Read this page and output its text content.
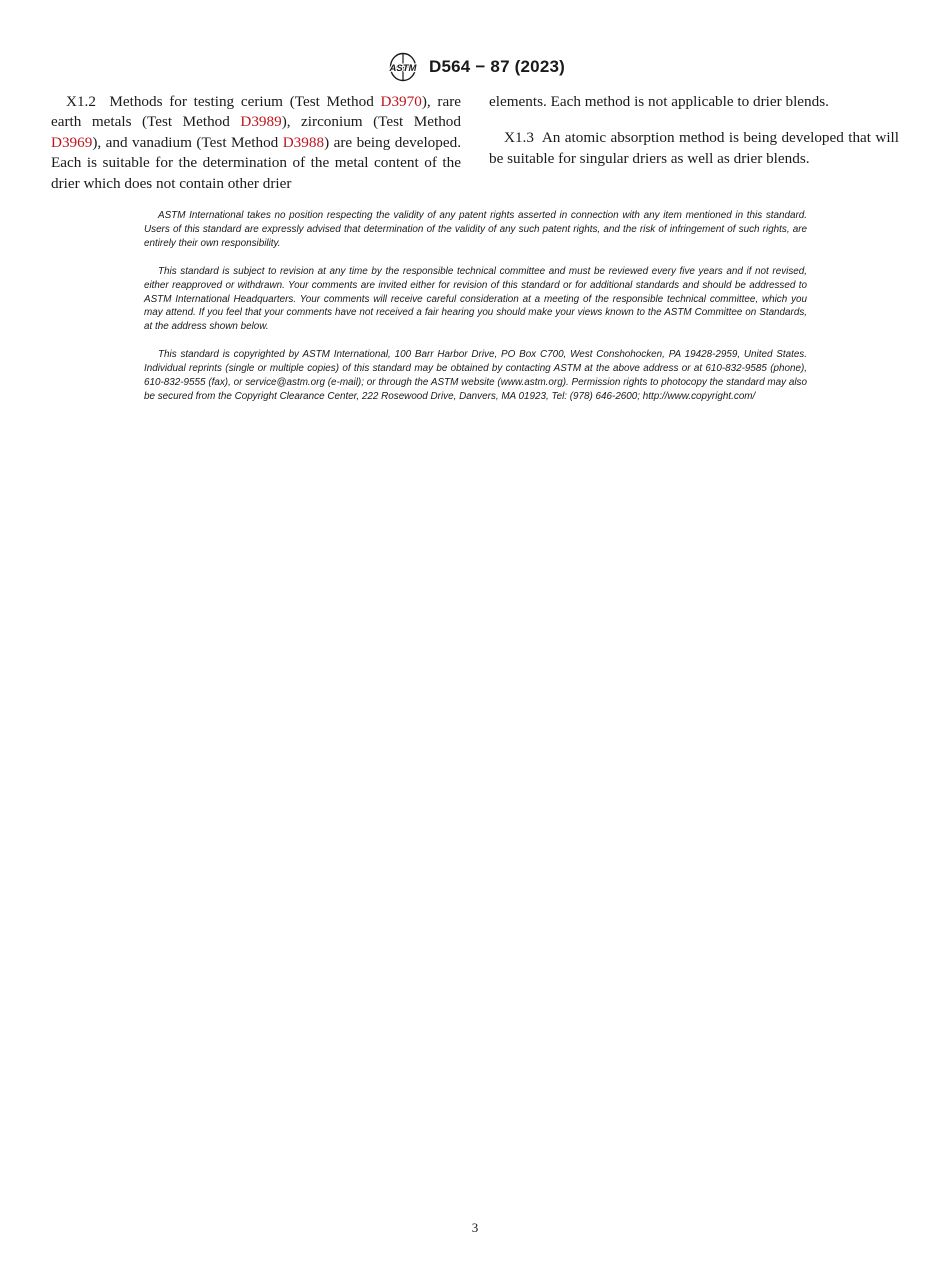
ASTM D564 − 87 (2023)

X1.2 Methods for testing cerium (Test Method D3970), rare earth metals (Test Method D3989), zirconium (Test Method D3969), and vanadium (Test Method D3988) are being developed. Each is suitable for the determination of the metal content of the drier which does not contain other drier

elements. Each method is not applicable to drier blends.

X1.3 An atomic absorption method is being developed that will be suitable for singular driers as well as drier blends.

ASTM International takes no position respecting the validity of any patent rights asserted in connection with any item mentioned in this standard. Users of this standard are expressly advised that determination of the validity of any such patent rights, and the risk of infringement of such rights, are entirely their own responsibility.

This standard is subject to revision at any time by the responsible technical committee and must be reviewed every five years and if not revised, either reapproved or withdrawn. Your comments are invited either for revision of this standard or for additional standards and should be addressed to ASTM International Headquarters. Your comments will receive careful consideration at a meeting of the responsible technical committee, which you may attend. If you feel that your comments have not received a fair hearing you should make your views known to the ASTM Committee on Standards, at the address shown below.

This standard is copyrighted by ASTM International, 100 Barr Harbor Drive, PO Box C700, West Conshohocken, PA 19428-2959, United States. Individual reprints (single or multiple copies) of this standard may be obtained by contacting ASTM at the above address or at 610-832-9585 (phone), 610-832-9555 (fax), or service@astm.org (e-mail); or through the ASTM website (www.astm.org). Permission rights to photocopy the standard may also be secured from the Copyright Clearance Center, 222 Rosewood Drive, Danvers, MA 01923, Tel: (978) 646-2600; http://www.copyright.com/

3
